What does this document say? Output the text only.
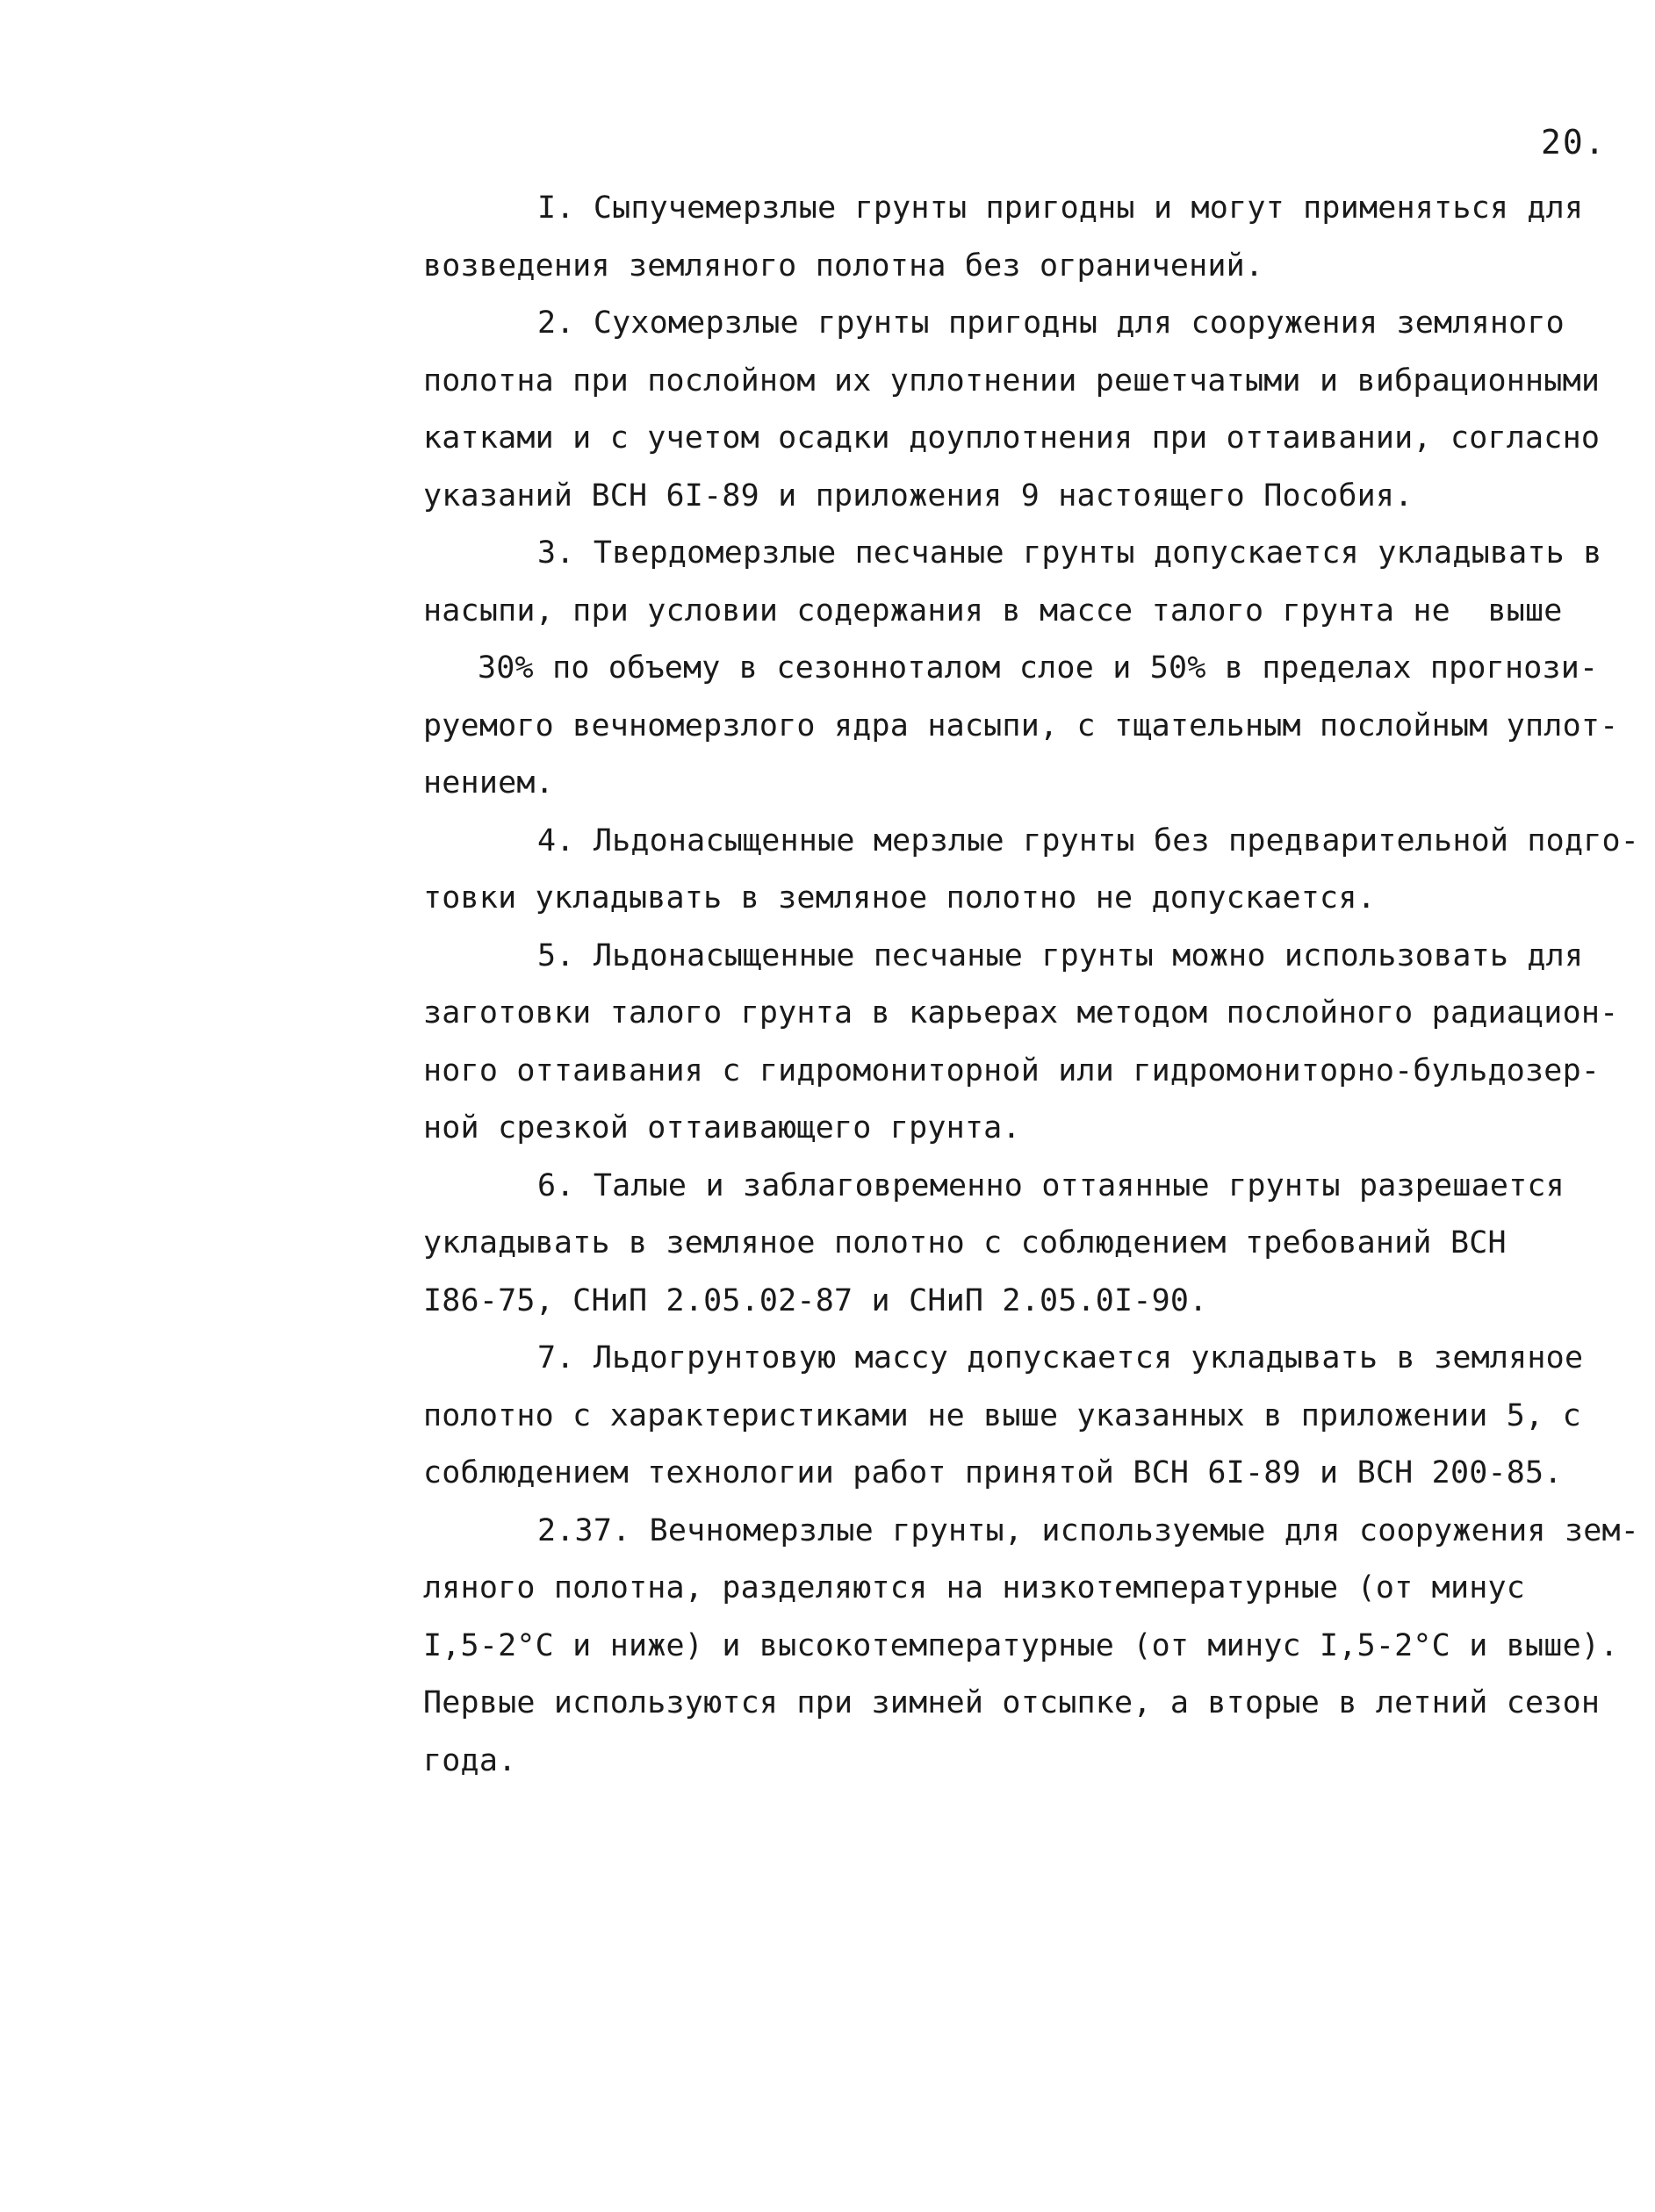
20.
I. Сыпучемерзлые грунты пригодны и могут применяться для
возведения земляного полотна без ограничений.
2. Сухомерзлые грунты пригодны для сооружения земляного
полотна при послойном их уплотнении решетчатыми и вибрационными
катками и с учетом осадки доуплотнения при оттаивании, согласно
указаний ВСН 6I-89 и приложения 9 настоящего Пособия.
3. Твердомерзлые песчаные грунты допускается укладывать в
насыпи, при условии содержания в массе талого грунта не  выше
30% по объему в сезонноталом слое и 50% в пределах прогнози-
руемого вечномерзлого ядра насыпи, с тщательным послойным уплот-
нением.
4. Льдонасыщенные мерзлые грунты без предварительной подго-
товки укладывать в земляное полотно не допускается.
5. Льдонасыщенные песчаные грунты можно использовать для
заготовки талого грунта в карьерах методом послойного радиацион-
ного оттаивания с гидромониторной или гидромониторно-бульдозер-
ной срезкой оттаивающего грунта.
6. Талые и заблаговременно оттаянные грунты разрешается
укладывать в земляное полотно с соблюдением требований ВСН
I86-75, СНиП 2.05.02-87 и СНиП 2.05.0I-90.
7. Льдогрунтовую массу допускается укладывать в земляное
полотно с характеристиками не выше указанных в приложении 5, с
соблюдением технологии работ принятой ВСН 6I-89 и ВСН 200-85.
2.37. Вечномерзлые грунты, используемые для сооружения зем-
ляного полотна, разделяются на низкотемпературные (от минус
I,5-2°С и ниже) и высокотемпературные (от минус I,5-2°С и выше).
Первые используются при зимней отсыпке, а вторые в летний сезон
года.
